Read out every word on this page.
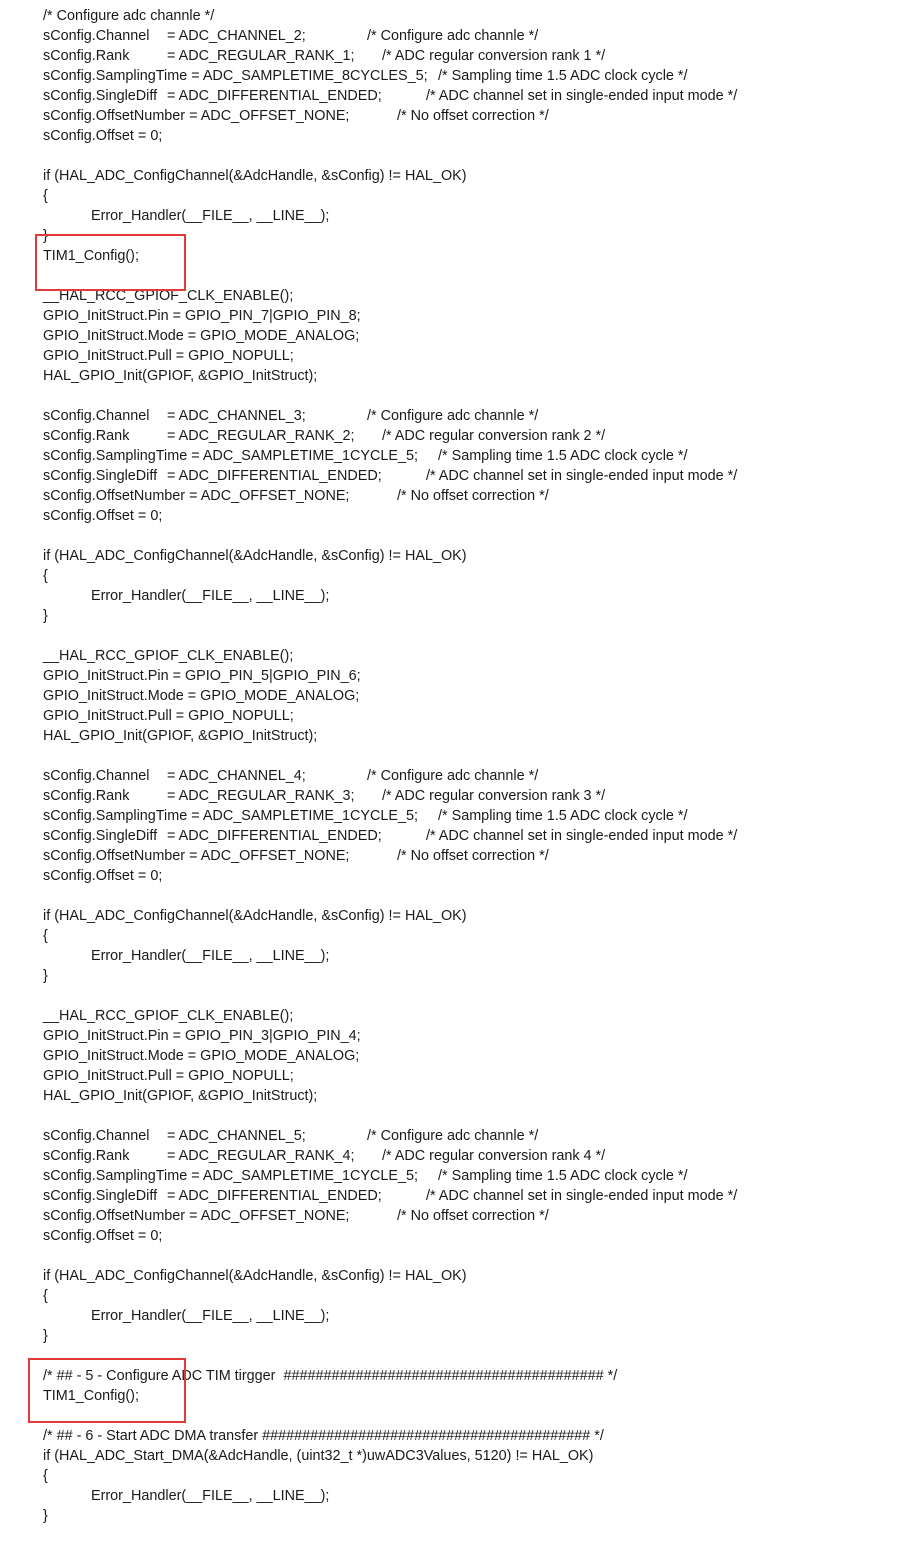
/* Configure adc channle */
sConfig.Channel = ADC_CHANNEL_2;	/* Configure adc channle */
sConfig.Rank	= ADC_REGULAR_RANK_1; /* ADC regular conversion rank 1 */
sConfig.SamplingTime = ADC_SAMPLETIME_8CYCLES_5; /* Sampling time 1.5 ADC clock cycle */
sConfig.SingleDiff = ADC_DIFFERENTIAL_ENDED;	/* ADC channel set in single-ended input mode */
sConfig.OffsetNumber = ADC_OFFSET_NONE;	/* No offset correction */
sConfig.Offset = 0;
if (HAL_ADC_ConfigChannel(&AdcHandle, &sConfig) != HAL_OK)
{
Error_Handler(__FILE__, __LINE__);
}
TIM1_Config();
__HAL_RCC_GPIOF_CLK_ENABLE();
GPIO_InitStruct.Pin = GPIO_PIN_7|GPIO_PIN_8;
GPIO_InitStruct.Mode = GPIO_MODE_ANALOG;
GPIO_InitStruct.Pull = GPIO_NOPULL;
HAL_GPIO_Init(GPIOF, &GPIO_InitStruct);
sConfig.Channel = ADC_CHANNEL_3;	/* Configure adc channle */
sConfig.Rank	= ADC_REGULAR_RANK_2; /* ADC regular conversion rank 2 */
sConfig.SamplingTime = ADC_SAMPLETIME_1CYCLE_5; /* Sampling time 1.5 ADC clock cycle */
sConfig.SingleDiff = ADC_DIFFERENTIAL_ENDED;	/* ADC channel set in single-ended input mode */
sConfig.OffsetNumber = ADC_OFFSET_NONE;	/* No offset correction */
sConfig.Offset = 0;
if (HAL_ADC_ConfigChannel(&AdcHandle, &sConfig) != HAL_OK)
{
Error_Handler(__FILE__, __LINE__);
}
__HAL_RCC_GPIOF_CLK_ENABLE();
GPIO_InitStruct.Pin = GPIO_PIN_5|GPIO_PIN_6;
GPIO_InitStruct.Mode = GPIO_MODE_ANALOG;
GPIO_InitStruct.Pull = GPIO_NOPULL;
HAL_GPIO_Init(GPIOF, &GPIO_InitStruct);
sConfig.Channel = ADC_CHANNEL_4;	/* Configure adc channle */
sConfig.Rank	= ADC_REGULAR_RANK_3; /* ADC regular conversion rank 3 */
sConfig.SamplingTime = ADC_SAMPLETIME_1CYCLE_5; /* Sampling time 1.5 ADC clock cycle */
sConfig.SingleDiff = ADC_DIFFERENTIAL_ENDED;	/* ADC channel set in single-ended input mode */
sConfig.OffsetNumber = ADC_OFFSET_NONE;	/* No offset correction */
sConfig.Offset = 0;
if (HAL_ADC_ConfigChannel(&AdcHandle, &sConfig) != HAL_OK)
{
Error_Handler(__FILE__, __LINE__);
}
__HAL_RCC_GPIOF_CLK_ENABLE();
GPIO_InitStruct.Pin = GPIO_PIN_3|GPIO_PIN_4;
GPIO_InitStruct.Mode = GPIO_MODE_ANALOG;
GPIO_InitStruct.Pull = GPIO_NOPULL;
HAL_GPIO_Init(GPIOF, &GPIO_InitStruct);
sConfig.Channel = ADC_CHANNEL_5;	/* Configure adc channle */
sConfig.Rank	= ADC_REGULAR_RANK_4; /* ADC regular conversion rank 4 */
sConfig.SamplingTime = ADC_SAMPLETIME_1CYCLE_5; /* Sampling time 1.5 ADC clock cycle */
sConfig.SingleDiff = ADC_DIFFERENTIAL_ENDED;	/* ADC channel set in single-ended input mode */
sConfig.OffsetNumber = ADC_OFFSET_NONE;	/* No offset correction */
sConfig.Offset = 0;
if (HAL_ADC_ConfigChannel(&AdcHandle, &sConfig) != HAL_OK)
{
Error_Handler(__FILE__, __LINE__);
}
/* ## - 5 - Configure ADC TIM tirgger  ######################################## */
TIM1_Config();
/* ## - 6 - Start ADC DMA transfer ######################################### */
if (HAL_ADC_Start_DMA(&AdcHandle, (uint32_t *)uwADC3Values, 5120) != HAL_OK)
{
Error_Handler(__FILE__, __LINE__);
}
